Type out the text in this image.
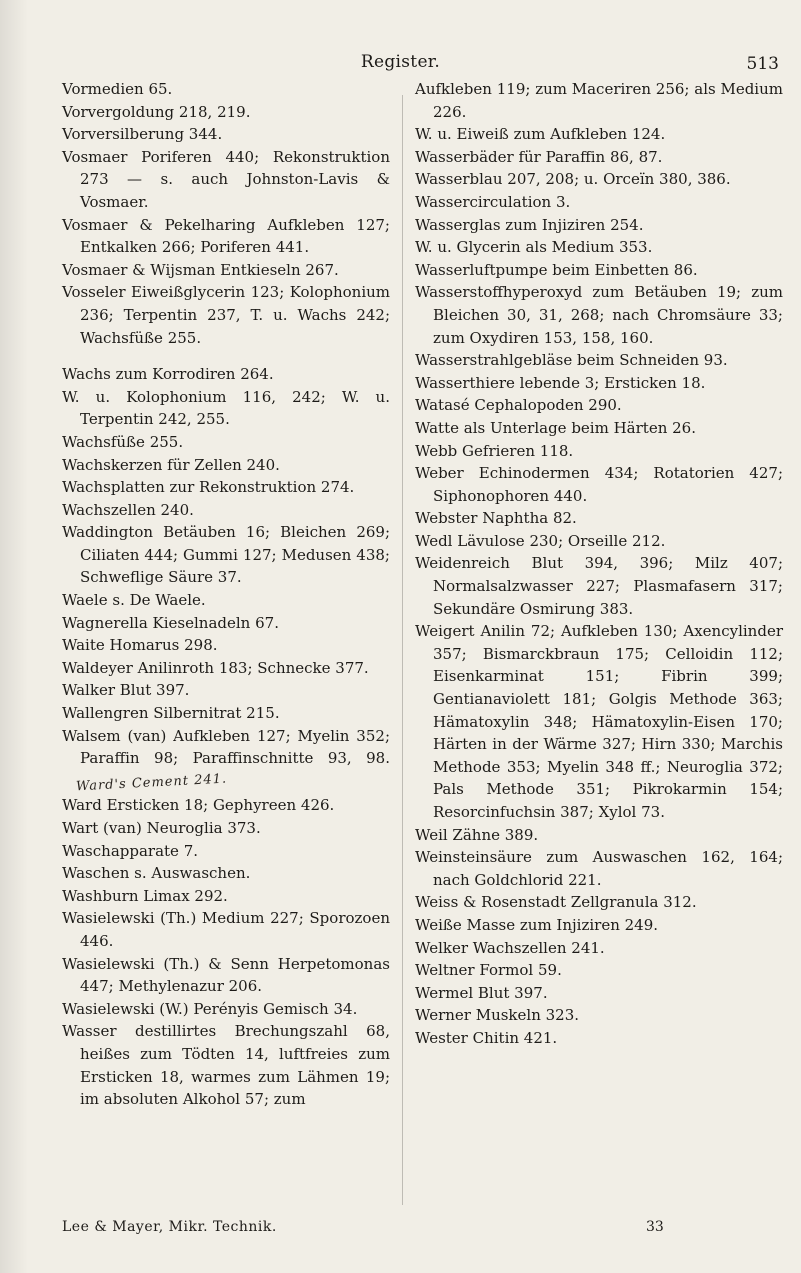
Register.	513

Vormedien 65.

Vorvergoldung 218, 219.

Vorversilberung 344.

Vosmaer Poriferen 440; Rekonstruktion 273 — s. auch Johnston-Lavis & Vosmaer.

Vosmaer & Pekelharing Aufkleben 127; Entkalken 266; Poriferen 441.

Vosmaer & Wijsman Entkieseln 267.

Vosseler Eiweißglycerin 123; Kolophonium 236; Terpentin 237, T. u. Wachs 242; Wachsfüße 255.

Wachs zum Korrodiren 264.

W. u. Kolophonium 116, 242; W. u. Terpentin 242, 255.

Wachsfüße 255.

Wachskerzen für Zellen 240.

Wachsplatten zur Rekonstruktion 274.

Wachszellen 240.

Waddington Betäuben 16; Bleichen 269; Ciliaten 444; Gummi 127; Medusen 438; Schweflige Säure 37.

Waele s. De Waele.

Wagnerella Kieselnadeln 67.

Waite Homarus 298.

Waldeyer Anilinroth 183; Schnecke 377.

Walker Blut 397.

Wallengren Silbernitrat 215.

Walsem (van) Aufkleben 127; Myelin 352; Paraffin 98; Paraffinschnitte 93, 98.Ward's Cement 241.

Ward Ersticken 18; Gephyreen 426.

Wart (van) Neuroglia 373.

Waschapparate 7.

Waschen s. Auswaschen.

Washburn Limax 292.

Wasielewski (Th.) Medium 227; Sporozoen 446.

Wasielewski (Th.) & Senn Herpetomonas 447; Methylenazur 206.

Wasielewski (W.) Perényis Gemisch 34.

Wasser destillirtes Brechungszahl 68, heißes zum Tödten 14, luftfreies zum Ersticken 18, warmes zum Lähmen 19; im absoluten Alkohol 57; zum

Aufkleben 119; zum Maceriren 256; als Medium 226.

W. u. Eiweiß zum Aufkleben 124.

Wasserbäder für Paraffin 86, 87.

Wasserblau 207, 208; u. Orceïn 380, 386.

Wassercirculation 3.

Wasserglas zum Injiziren 254.

W. u. Glycerin als Medium 353.

Wasserluftpumpe beim Einbetten 86.

Wasserstoffhyperoxyd zum Betäuben 19; zum Bleichen 30, 31, 268; nach Chromsäure 33; zum Oxydiren 153, 158, 160.

Wasserstrahlgebläse beim Schneiden 93.

Wasserthiere lebende 3; Ersticken 18.

Watasé Cephalopoden 290.

Watte als Unterlage beim Härten 26.

Webb Gefrieren 118.

Weber Echinodermen 434; Rotatorien 427; Siphonophoren 440.

Webster Naphtha 82.

Wedl Lävulose 230; Orseille 212.

Weidenreich Blut 394, 396; Milz 407; Normalsalzwasser 227; Plasmafasern 317; Sekundäre Osmirung 383.

Weigert Anilin 72; Aufkleben 130; Axencylinder 357; Bismarckbraun 175; Celloidin 112; Eisenkarminat 151; Fibrin 399; Gentianaviolett 181; Golgis Methode 363; Hämatoxylin 348; Hämatoxylin-Eisen 170; Härten in der Wärme 327; Hirn 330; Marchis Methode 353; Myelin 348 ff.; Neuroglia 372; Pals Methode 351; Pikrokarmin 154; Resorcinfuchsin 387; Xylol 73.

Weil Zähne 389.

Weinsteinsäure zum Auswaschen 162, 164; nach Goldchlorid 221.

Weiss & Rosenstadt Zellgranula 312.

Weiße Masse zum Injiziren 249.

Welker Wachszellen 241.

Weltner Formol 59.

Wermel Blut 397.

Werner Muskeln 323.

Wester Chitin 421.

Lee & Mayer, Mikr. Technik.	33
